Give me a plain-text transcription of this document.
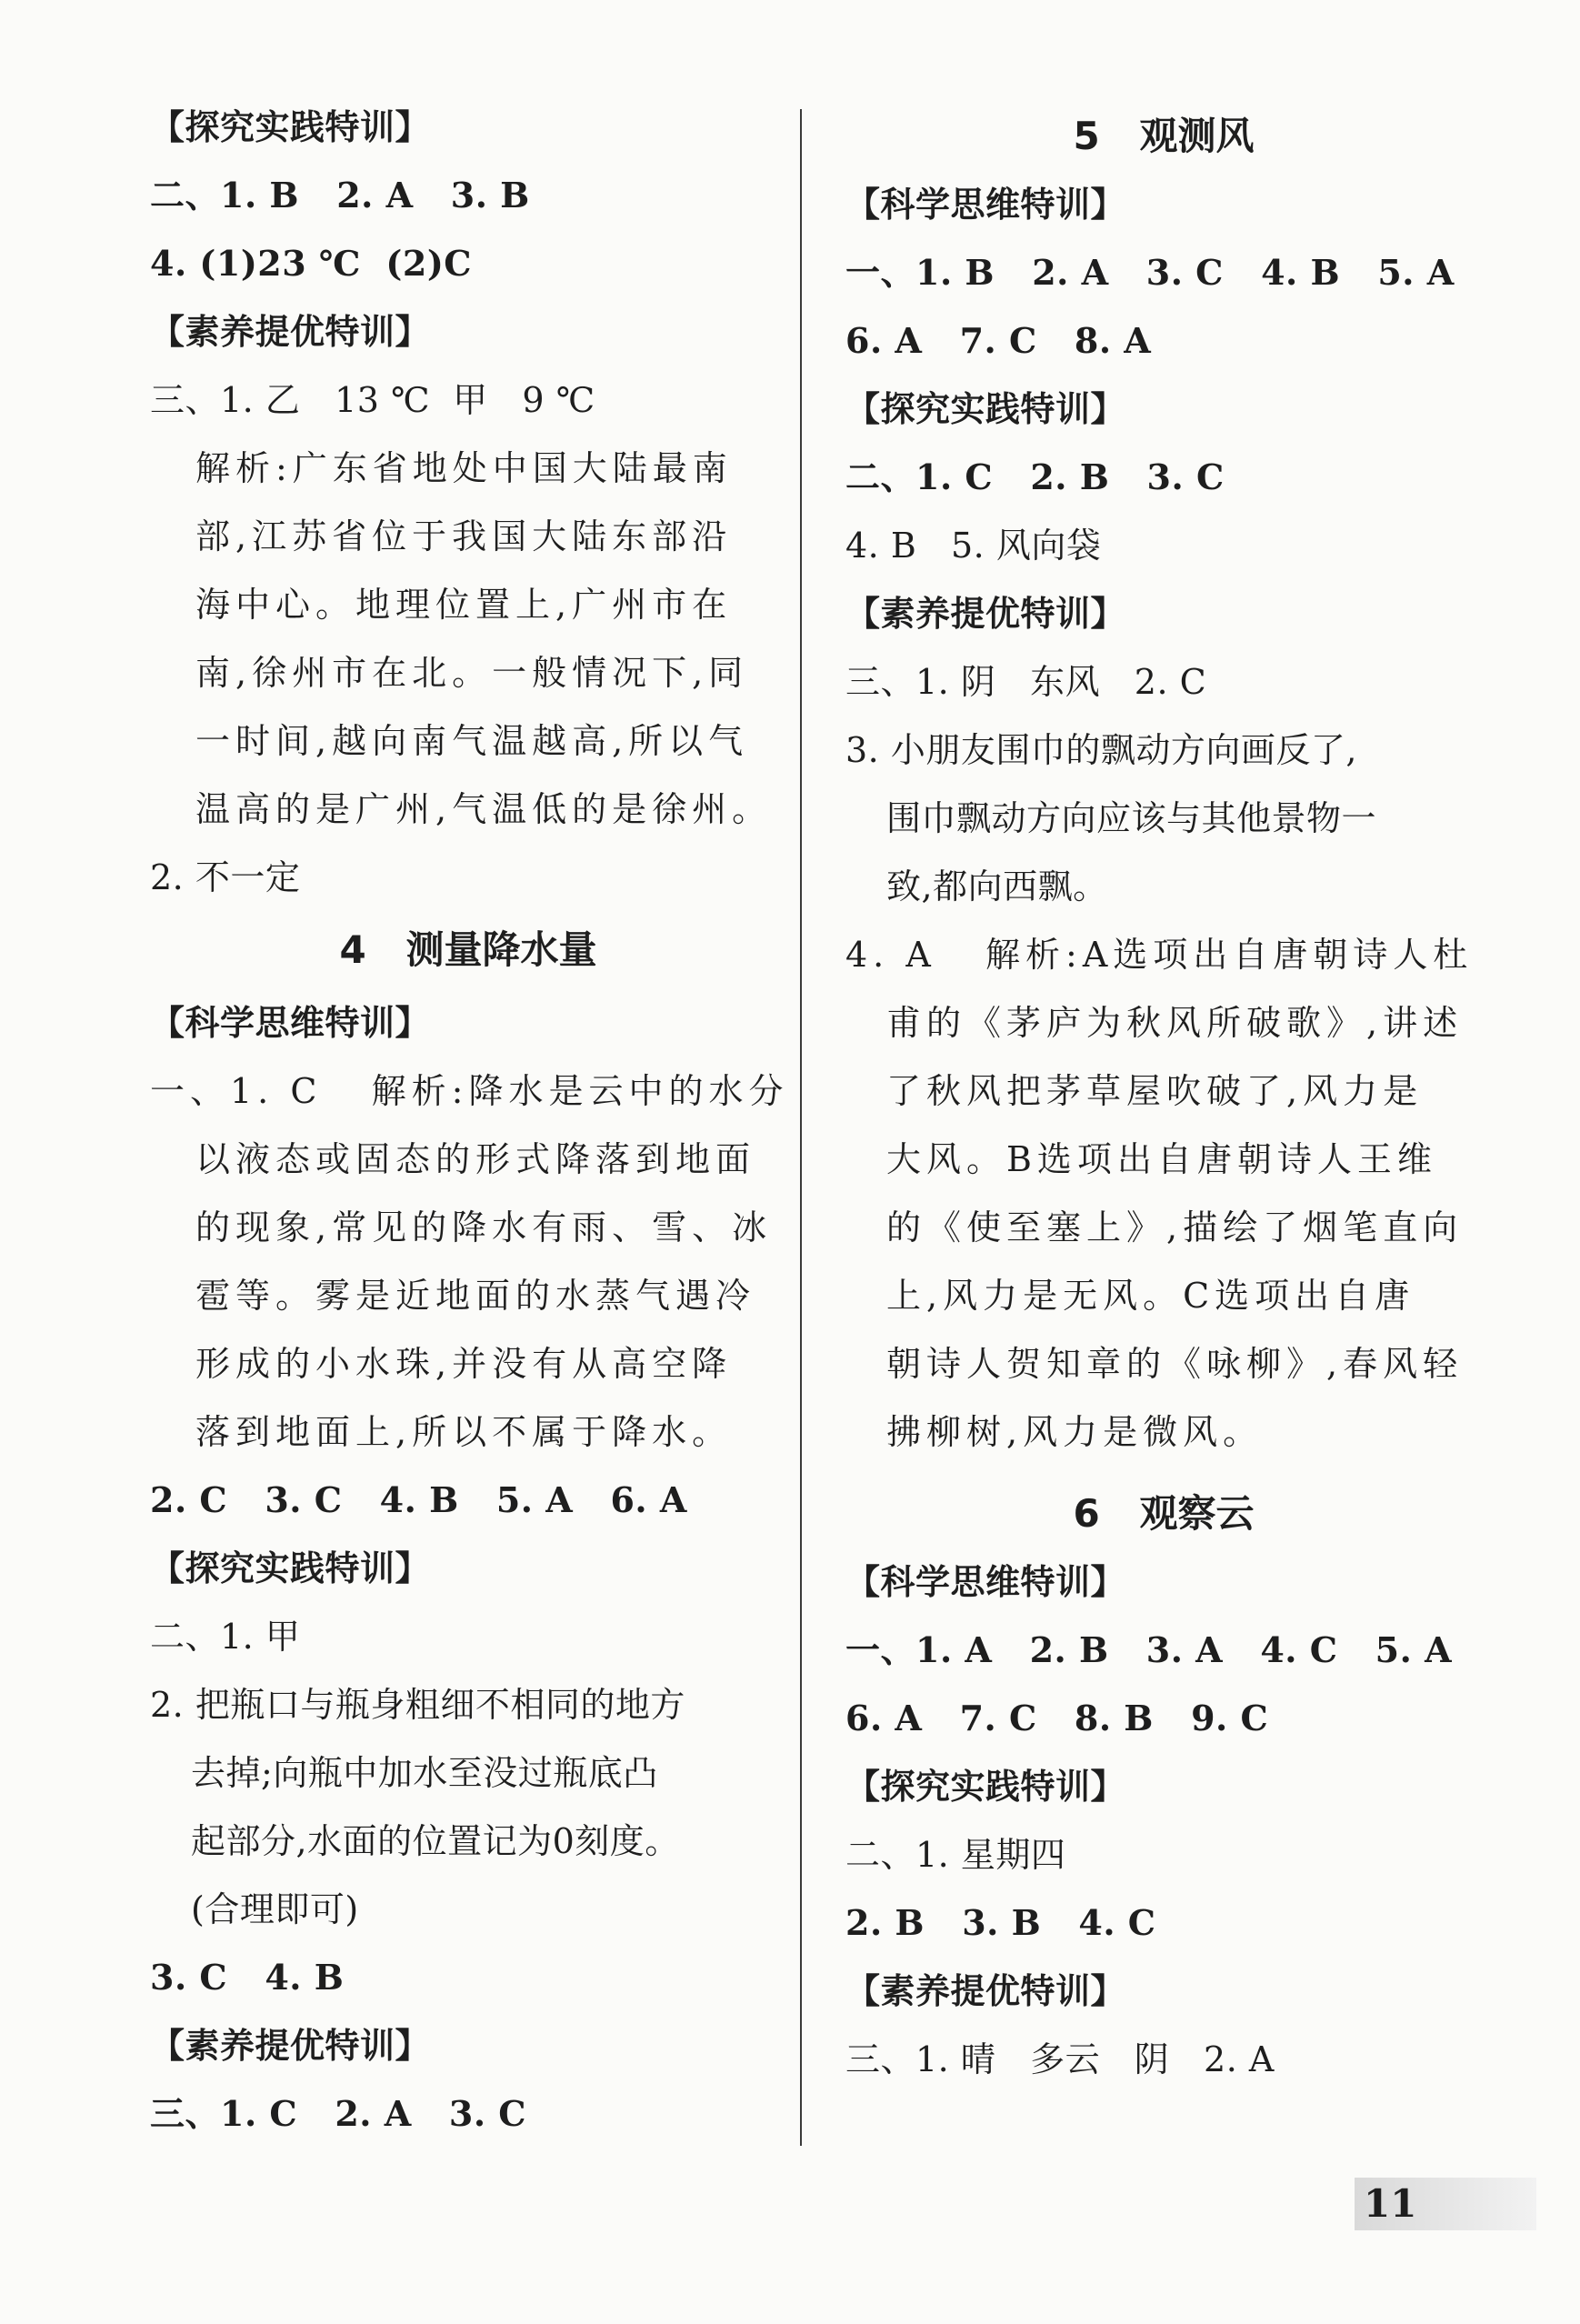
【探究实践特训】
二、1. B   2. A   3. B
4. (1)23 ℃  (2)C
【素养提优特训】
三、1. 乙   13 ℃  甲   9 ℃
解析:广东省地处中国大陆最南
部,江苏省位于我国大陆东部沿
海中心。地理位置上,广州市在
南,徐州市在北。一般情况下,同
一时间,越向南气温越高,所以气
温高的是广州,气温低的是徐州。
2. 不一定
4   测量降水量
【科学思维特训】
一、1. C   解析:降水是云中的水分
以液态或固态的形式降落到地面
的现象,常见的降水有雨、雪、冰
雹等。雾是近地面的水蒸气遇冷
形成的小水珠,并没有从高空降
落到地面上,所以不属于降水。
2. C   3. C   4. B   5. A   6. A
【探究实践特训】
二、1. 甲
2. 把瓶口与瓶身粗细不相同的地方
去掉;向瓶中加水至没过瓶底凸
起部分,水面的位置记为0刻度。
(合理即可)
3. C   4. B
【素养提优特训】
三、1. C   2. A   3. C
5   观测风
【科学思维特训】
一、1. B   2. A   3. C   4. B   5. A
6. A   7. C   8. A
【探究实践特训】
二、1. C   2. B   3. C
4. B   5. 风向袋
【素养提优特训】
三、1. 阴   东风   2. C
3. 小朋友围巾的飘动方向画反了,
围巾飘动方向应该与其他景物一
致,都向西飘。
4. A   解析:A选项出自唐朝诗人杜
甫的《茅庐为秋风所破歌》,讲述
了秋风把茅草屋吹破了,风力是
大风。B选项出自唐朝诗人王维
的《使至塞上》,描绘了烟笔直向
上,风力是无风。C选项出自唐
朝诗人贺知章的《咏柳》,春风轻
拂柳树,风力是微风。
6   观察云
【科学思维特训】
一、1. A   2. B   3. A   4. C   5. A
6. A   7. C   8. B   9. C
【探究实践特训】
二、1. 星期四
2. B   3. B   4. C
【素养提优特训】
三、1. 晴   多云   阴   2. A
11
